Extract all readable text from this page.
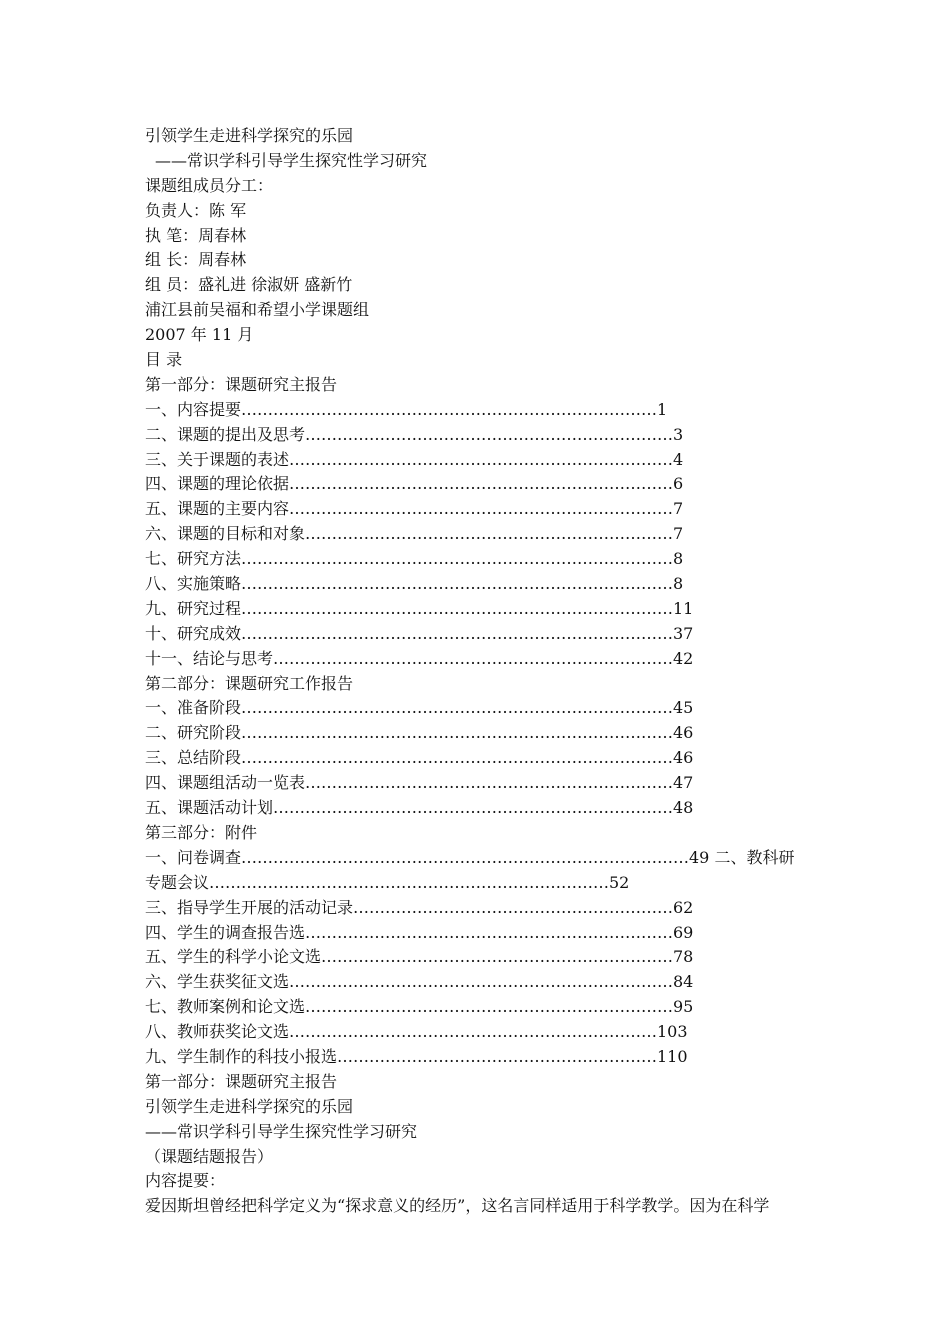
引领学生走进科学探究的乐园
——常识学科引导学生探究性学习研究
课题组成员分工：
负责人：陈 军
执 笔：周春林
组 长：周春林
组 员：盛礼进 徐淑妍 盛新竹
浦江县前吴福和希望小学课题组
2007 年 11 月
目 录
第一部分：课题研究主报告
一、内容提要……………………………………………………………………1
二、课题的提出及思考……………………………………………………………3
三、关于课题的表述………………………………………………………………4
四、课题的理论依据………………………………………………………………6
五、课题的主要内容………………………………………………………………7
六、课题的目标和对象……………………………………………………………7
七、研究方法………………………………………………………………………8
八、实施策略………………………………………………………………………8
九、研究过程………………………………………………………………………11
十、研究成效………………………………………………………………………37
十一、结论与思考…………………………………………………………………42
第二部分：课题研究工作报告
一、准备阶段………………………………………………………………………45
二、研究阶段………………………………………………………………………46
三、总结阶段………………………………………………………………………46
四、课题组活动一览表……………………………………………………………47
五、课题活动计划…………………………………………………………………48
第三部分：附件
一、问卷调查…………………………………………………………………………49 二、教科研
专题会议…………………………………………………………………52
三、指导学生开展的活动记录……………………………………………………62
四、学生的调查报告选……………………………………………………………69
五、学生的科学小论文选…………………………………………………………78
六、学生获奖征文选………………………………………………………………84
七、教师案例和论文选……………………………………………………………95
八、教师获奖论文选……………………………………………………………103
九、学生制作的科技小报选……………………………………………………110
第一部分：课题研究主报告
引领学生走进科学探究的乐园
——常识学科引导学生探究性学习研究
（课题结题报告）
内容提要：
爱因斯坦曾经把科学定义为“探求意义的经历”，这名言同样适用于科学教学。因为在科学
